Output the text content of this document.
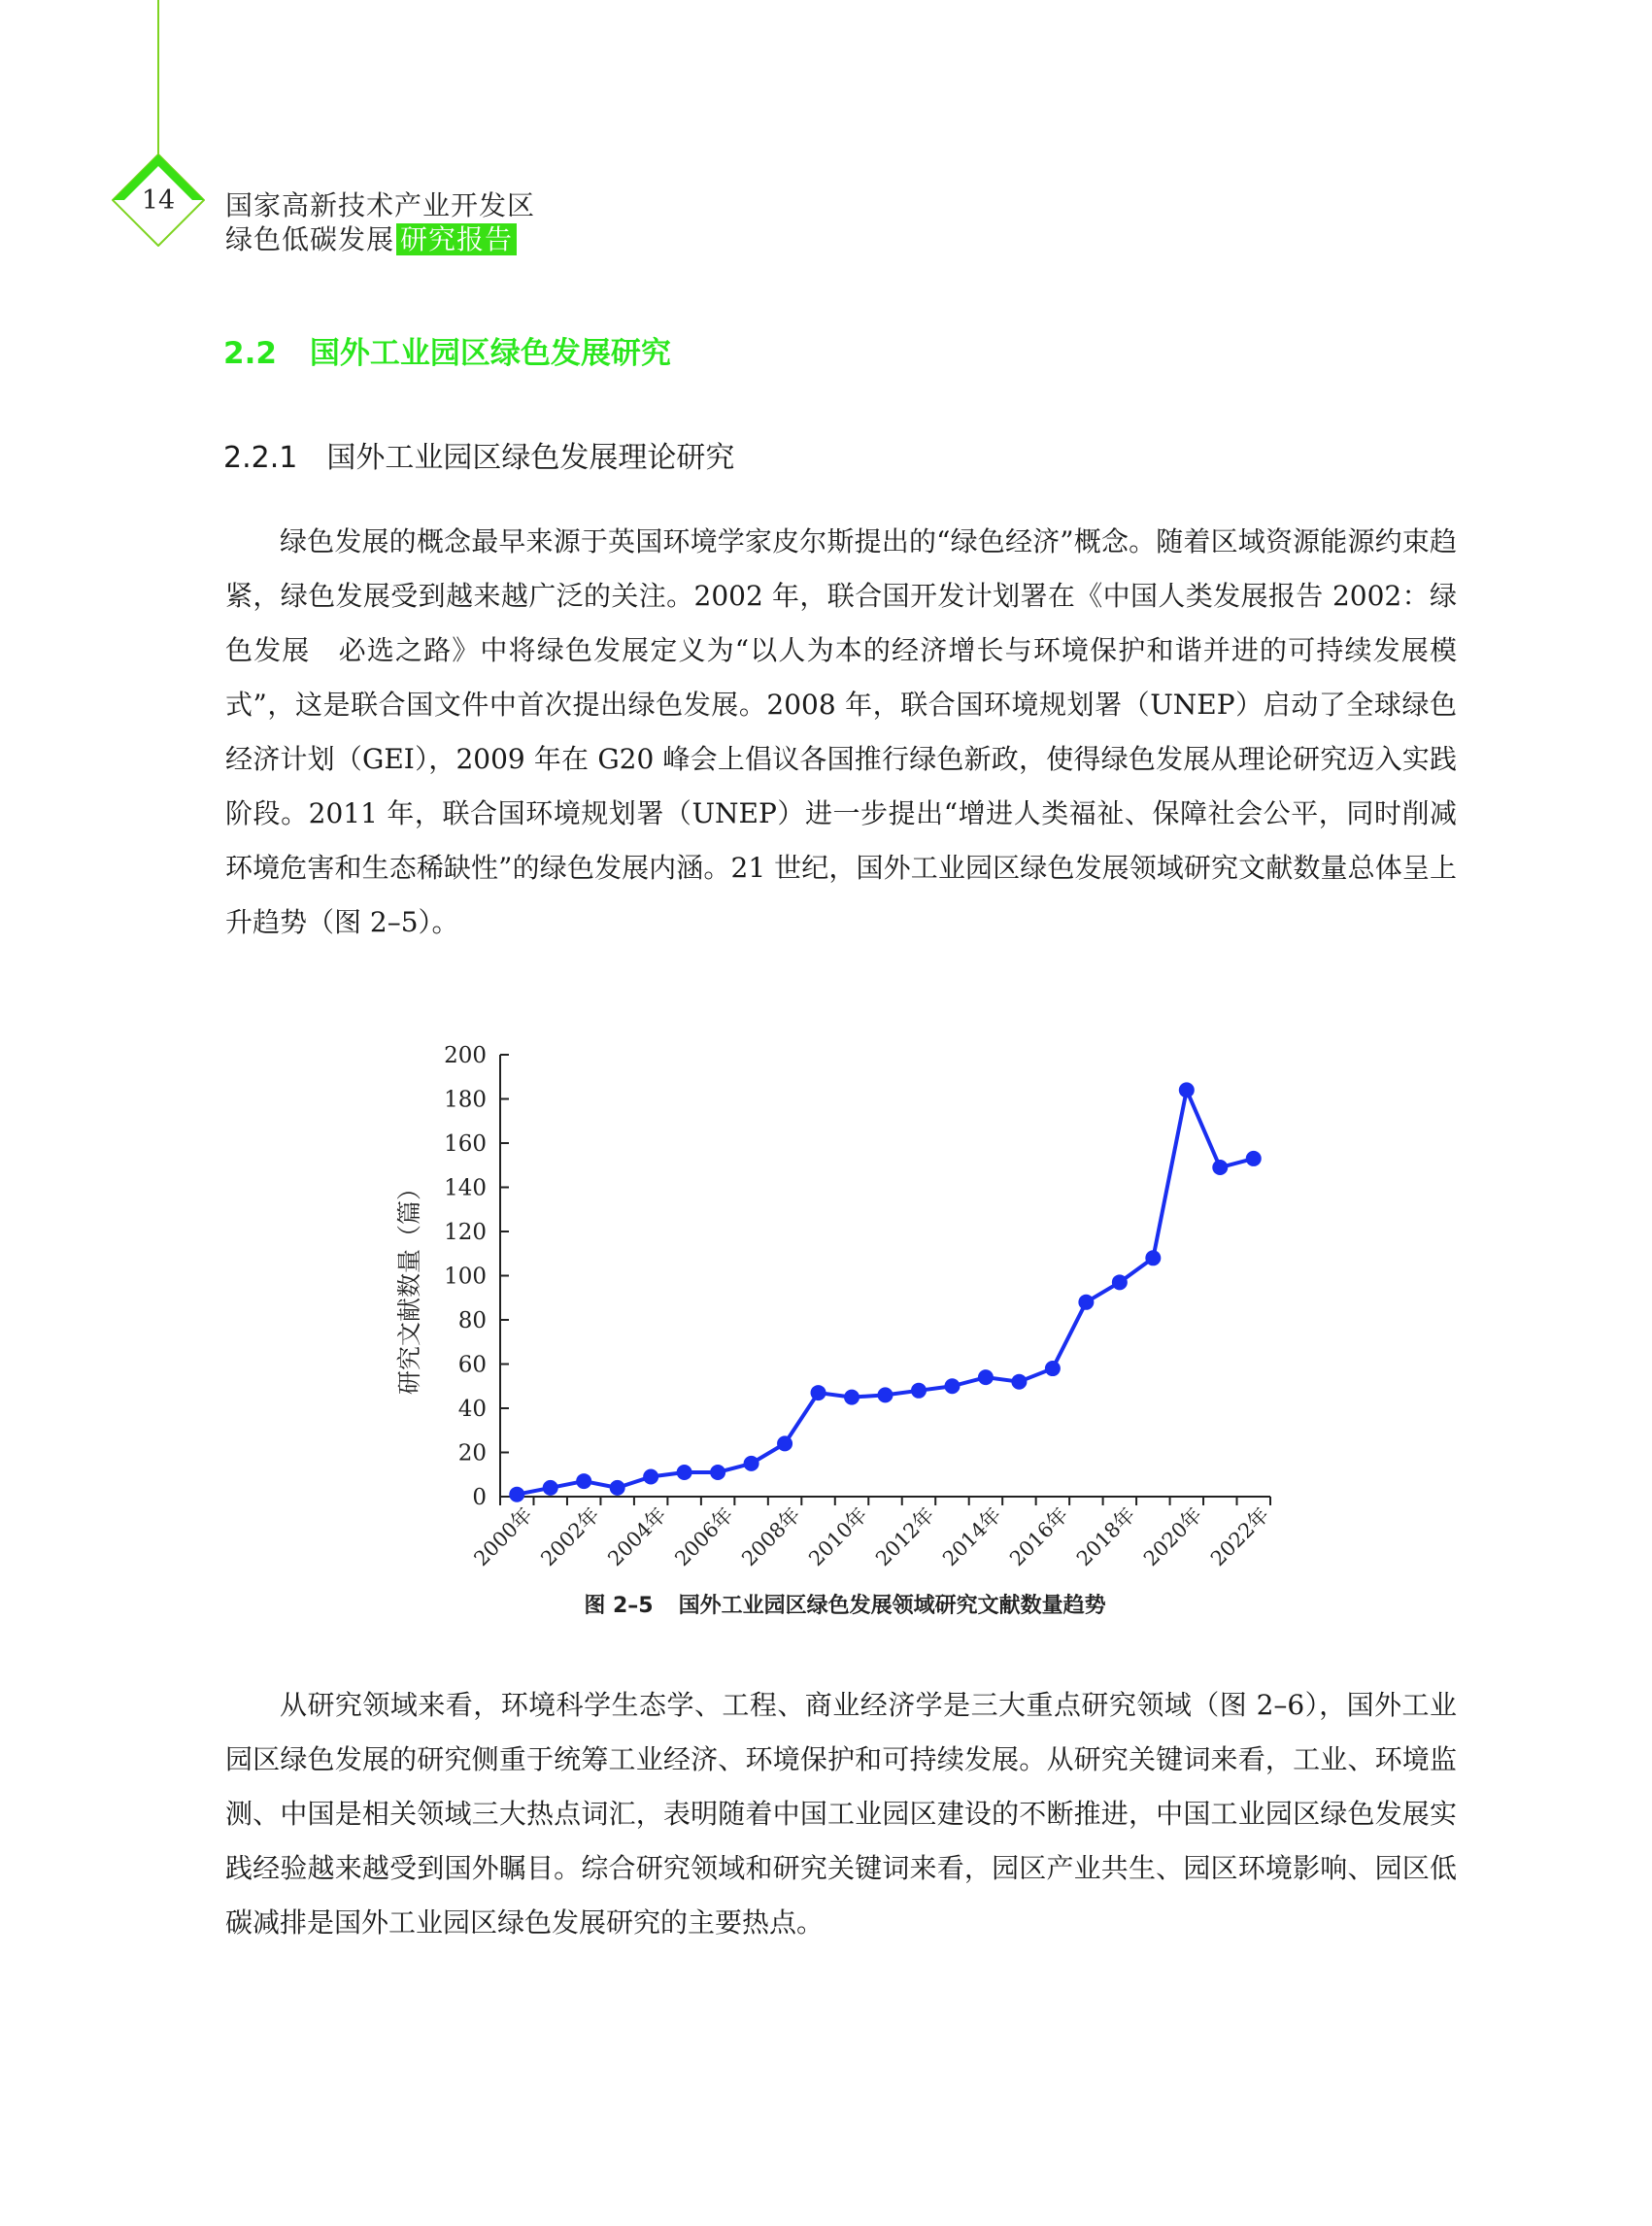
14	国家高新技术产业开发区
绿色低碳发展 研究报告
2.2 国外工业园区绿色发展研究
2.2.1 国外工业园区绿色发展理论研究

绿色发展的概念最早来源于英国环境学家皮尔斯提出的“绿色经济”概念。随着区域资源能源约束趋紧，绿色发展受到越来越广泛的关注。2002 年，联合国开发计划署在《中国人类发展报告 2002：绿色发展　必选之路》中将绿色发展定义为“以人为本的经济增长与环境保护和谐并进的可持续发展模式”，这是联合国文件中首次提出绿色发展。2008 年，联合国环境规划署（UNEP）启动了全球绿色经济计划（GEI），2009 年在 G20 峰会上倡议各国推行绿色新政，使得绿色发展从理论研究迈入实践阶段。2011 年，联合国环境规划署（UNEP）进一步提出“增进人类福祉、保障社会公平，同时削减环境危害和生态稀缺性”的绿色发展内涵。21 世纪，国外工业园区绿色发展领域研究文献数量总体呈上升趋势（图 2–5）。

0
20
40
60
80
100
120
140
160
180
200
2000年 2002年 2004年 2006年 2008年 2010年 2012年 2014年 2016年 2018年 2020年 2022年
研究文献数量（篇）
图 2–5 国外工业园区绿色发展领域研究文献数量趋势

从研究领域来看，环境科学生态学、工程、商业经济学是三大重点研究领域（图 2–6），国外工业园区绿色发展的研究侧重于统筹工业经济、环境保护和可持续发展。从研究关键词来看，工业、环境监测、中国是相关领域三大热点词汇，表明随着中国工业园区建设的不断推进，中国工业园区绿色发展实践经验越来越受到国外瞩目。综合研究领域和研究关键词来看，园区产业共生、园区环境影响、园区低碳减排是国外工业园区绿色发展研究的主要热点。
